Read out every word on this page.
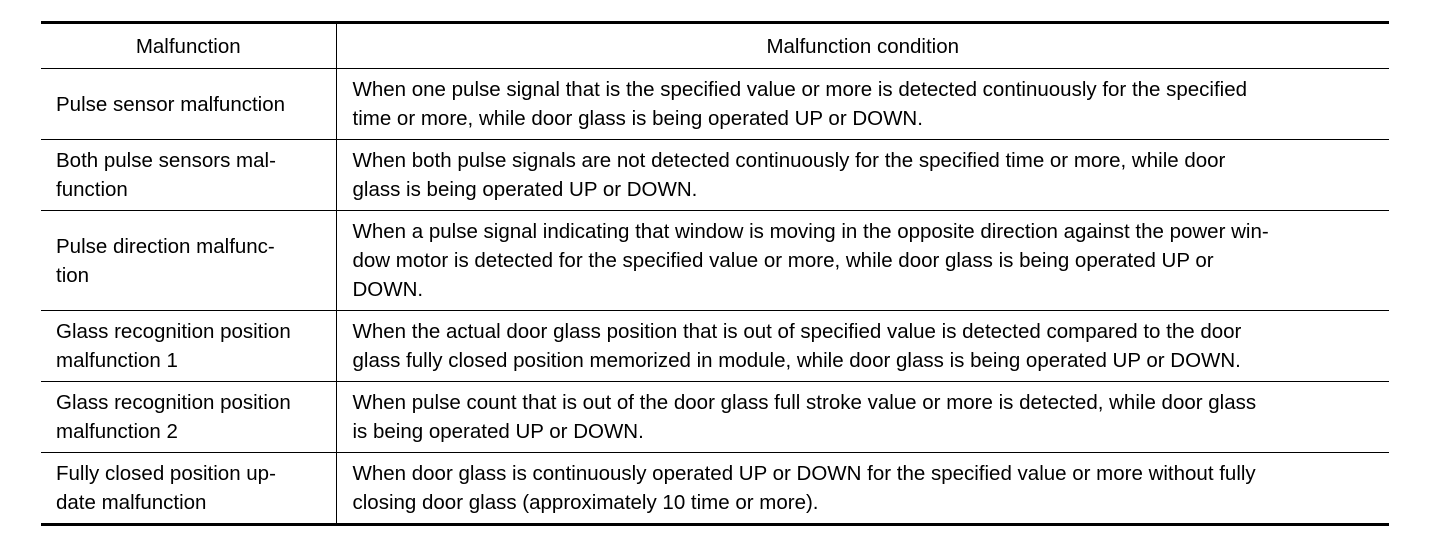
Malfunction	Malfunction condition

Pulse sensor malfunction	When one pulse signal that is the specified value or more is detected continuously for the specified
time or more, while door glass is being operated UP or DOWN.

Both pulse sensors mal-
function	When both pulse signals are not detected continuously for the specified time or more, while door
glass is being operated UP or DOWN.

Pulse direction malfunc-
tion	When a pulse signal indicating that window is moving in the opposite direction against the power win-
dow motor is detected for the specified value or more, while door glass is being operated UP or
DOWN.

Glass recognition position
malfunction 1	When the actual door glass position that is out of specified value is detected compared to the door
glass fully closed position memorized in module, while door glass is being operated UP or DOWN.

Glass recognition position
malfunction 2	When pulse count that is out of the door glass full stroke value or more is detected, while door glass
is being operated UP or DOWN.

Fully closed position up-
date malfunction	When door glass is continuously operated UP or DOWN for the specified value or more without fully
closing door glass (approximately 10 time or more).
